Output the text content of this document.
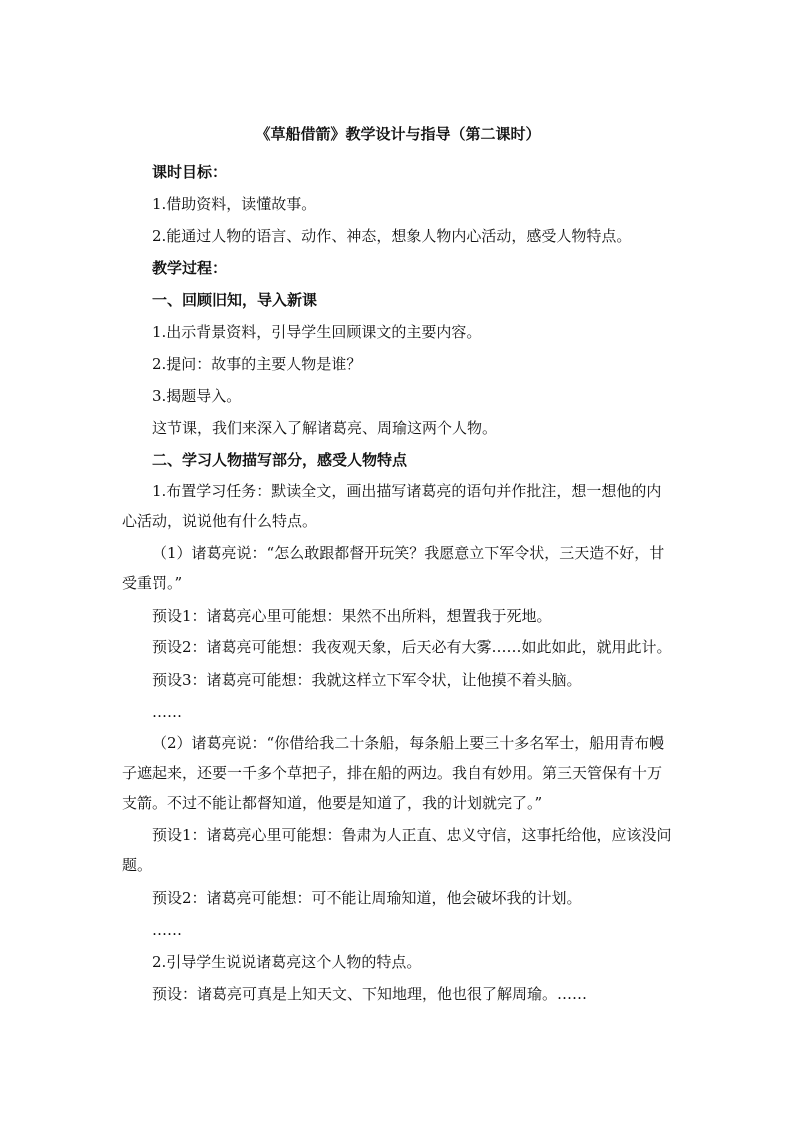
《草船借箭》教学设计与指导（第二课时）

课时目标：

1.借助资料，读懂故事。

2.能通过人物的语言、动作、神态，想象人物内心活动，感受人物特点。

教学过程：

一、回顾旧知，导入新课

1.出示背景资料，引导学生回顾课文的主要内容。

2.提问：故事的主要人物是谁？

3.揭题导入。

这节课，我们来深入了解诸葛亮、周瑜这两个人物。

二、学习人物描写部分，感受人物特点

1.布置学习任务：默读全文，画出描写诸葛亮的语句并作批注，想一想他的内心活动，说说他有什么特点。

（1）诸葛亮说：“怎么敢跟都督开玩笑？我愿意立下军令状，三天造不好，甘受重罚。”

预设1：诸葛亮心里可能想：果然不出所料，想置我于死地。

预设2：诸葛亮可能想：我夜观天象，后天必有大雾……如此如此，就用此计。

预设3：诸葛亮可能想：我就这样立下军令状，让他摸不着头脑。

……

（2）诸葛亮说：“你借给我二十条船，每条船上要三十多名军士，船用青布幔子遮起来，还要一千多个草把子，排在船的两边。我自有妙用。第三天管保有十万支箭。不过不能让都督知道，他要是知道了，我的计划就完了。”

预设1：诸葛亮心里可能想：鲁肃为人正直、忠义守信，这事托给他，应该没问题。

预设2：诸葛亮可能想：可不能让周瑜知道，他会破坏我的计划。

……

2.引导学生说说诸葛亮这个人物的特点。

预设：诸葛亮可真是上知天文、下知地理，他也很了解周瑜。……
